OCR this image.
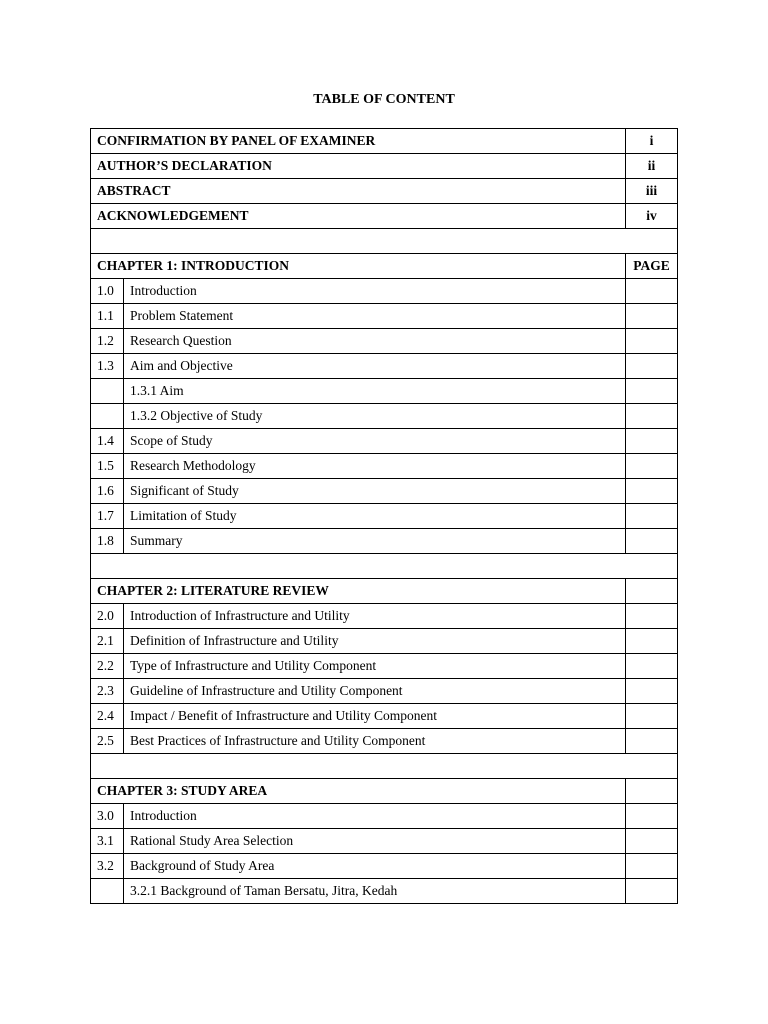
TABLE OF CONTENT
CONFIRMATION BY PANEL OF EXAMINER		i
AUTHOR’S DECLARATION		ii
ABSTRACT		iii
ACKNOWLEDGEMENT		iv

CHAPTER 1: INTRODUCTION		PAGE
1.0	Introduction	
1.1	Problem Statement	
1.2	Research Question	
1.3	Aim and Objective	
	1.3.1 Aim	
	1.3.2 Objective of Study	
1.4	Scope of Study	
1.5	Research Methodology	
1.6	Significant of Study	
1.7	Limitation of Study	
1.8	Summary	

CHAPTER 2: LITERATURE REVIEW		
2.0	Introduction of Infrastructure and Utility	
2.1	Definition of Infrastructure and Utility	
2.2	Type of Infrastructure and Utility Component	
2.3	Guideline of Infrastructure and Utility Component	
2.4	Impact / Benefit of Infrastructure and Utility Component	
2.5	Best Practices of Infrastructure and Utility Component	

CHAPTER 3: STUDY AREA		
3.0	Introduction	
3.1	Rational Study Area Selection	
3.2	Background of Study Area	
	3.2.1 Background of Taman Bersatu, Jitra, Kedah	
